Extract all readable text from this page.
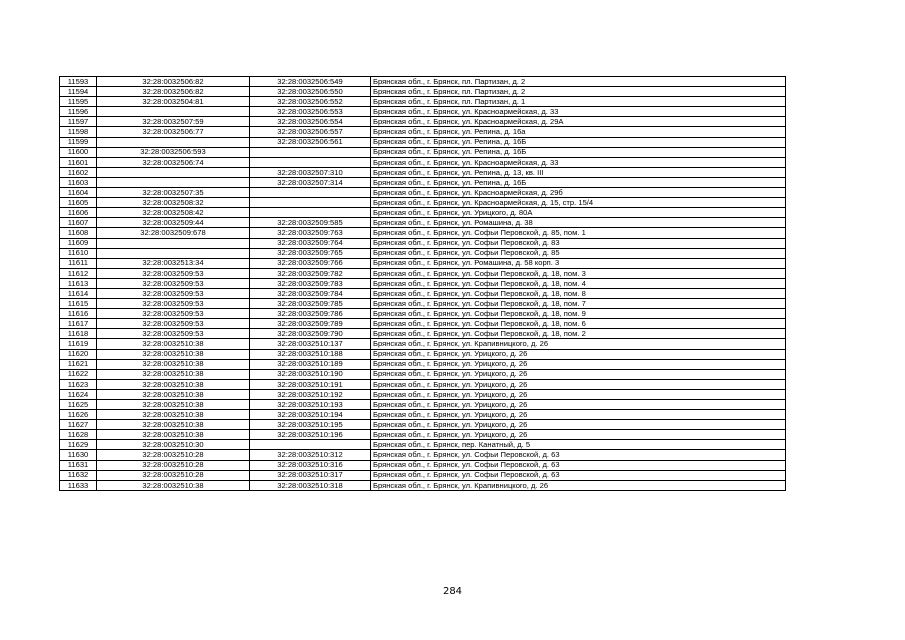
11593	32:28:0032506:82	32:28:0032506:549	Брянская обл., г. Брянск, пл. Партизан, д. 2
11594	32:28:0032506:82	32:28:0032506:550	Брянская обл., г. Брянск, пл. Партизан, д. 2
11595	32:28:0032504:81	32:28:0032506:552	Брянская обл., г. Брянск, пл. Партизан, д. 1
11596		32:28:0032506:553	Брянская обл., г. Брянск, ул. Красноармейская, д. 33
11597	32:28:0032507:59	32:28:0032506:554	Брянская обл., г. Брянск, ул. Красноармейская, д. 29А
11598	32:28:0032506:77	32:28:0032506:557	Брянская обл., г. Брянск, ул. Репина, д. 16а
11599		32:28:0032506:561	Брянская обл., г. Брянск, ул. Репина, д. 16Б
11600	32:28:0032506:593		Брянская обл., г. Брянск, ул. Репина, д. 16Б
11601	32:28:0032506:74		Брянская обл., г. Брянск, ул. Красноармейская, д. 33
11602		32:28:0032507:310	Брянская обл., г. Брянск, ул. Репина, д. 13, кв. III
11603		32:28:0032507:314	Брянская обл., г. Брянск, ул. Репина, д. 16Б
11604	32:28:0032507:35		Брянская обл., г. Брянск, ул. Красноармейская, д. 29б
11605	32:28:0032508:32		Брянская обл., г. Брянск, ул. Красноармейская, д. 15, стр. 15/4
11606	32:28:0032508:42		Брянская обл., г. Брянск, ул. Урицкого, д. 80А
11607	32:28:0032509:44	32:28:0032509:585	Брянская обл., г. Брянск, ул. Ромашина, д. 38
11608	32:28:0032509:678	32:28:0032509:763	Брянская обл., г. Брянск, ул. Софьи Перовской, д. 85, пом. 1
11609		32:28:0032509:764	Брянская обл., г. Брянск, ул. Софьи Перовской, д. 83
11610		32:28:0032509:765	Брянская обл., г. Брянск, ул. Софьи Перовской, д. 85
11611	32:28:0032513:34	32:28:0032509:766	Брянская обл., г. Брянск, ул. Ромашина, д. 58 корп. 3
11612	32:28:0032509:53	32:28:0032509:782	Брянская обл., г. Брянск, ул. Софьи Перовской, д. 18, пом. 3
11613	32:28:0032509:53	32:28:0032509:783	Брянская обл., г. Брянск, ул. Софьи Перовской, д. 18, пом. 4
11614	32:28:0032509:53	32:28:0032509:784	Брянская обл., г. Брянск, ул. Софьи Перовской, д. 18, пом. 8
11615	32:28:0032509:53	32:28:0032509:785	Брянская обл., г. Брянск, ул. Софьи Перовской, д. 18, пом. 7
11616	32:28:0032509:53	32:28:0032509:786	Брянская обл., г. Брянск, ул. Софьи Перовской, д. 18, пом. 9
11617	32:28:0032509:53	32:28:0032509:789	Брянская обл., г. Брянск, ул. Софьи Перовской, д. 18, пом. 6
11618	32:28:0032509:53	32:28:0032509:790	Брянская обл., г. Брянск, ул. Софьи Перовской, д. 18, пом. 2
11619	32:28:0032510:38	32:28:0032510:137	Брянская обл., г. Брянск, ул. Крапивницкого, д. 26
11620	32:28:0032510:38	32:28:0032510:188	Брянская обл., г. Брянск, ул. Урицкого, д. 26
11621	32:28:0032510:38	32:28:0032510:189	Брянская обл., г. Брянск, ул. Урицкого, д. 26
11622	32:28:0032510:38	32:28:0032510:190	Брянская обл., г. Брянск, ул. Урицкого, д. 26
11623	32:28:0032510:38	32:28:0032510:191	Брянская обл., г. Брянск, ул. Урицкого, д. 26
11624	32:28:0032510:38	32:28:0032510:192	Брянская обл., г. Брянск, ул. Урицкого, д. 26
11625	32:28:0032510:38	32:28:0032510:193	Брянская обл., г. Брянск, ул. Урицкого, д. 26
11626	32:28:0032510:38	32:28:0032510:194	Брянская обл., г. Брянск, ул. Урицкого, д. 26
11627	32:28:0032510:38	32:28:0032510:195	Брянская обл., г. Брянск, ул. Урицкого, д. 26
11628	32:28:0032510:38	32:28:0032510:196	Брянская обл., г. Брянск, ул. Урицкого, д. 26
11629	32:28:0032510:30		Брянская обл., г. Брянск, пер. Канатный, д. 5
11630	32:28:0032510:28	32:28:0032510:312	Брянская обл., г. Брянск, ул. Софьи Перовской, д. 63
11631	32:28:0032510:28	32:28:0032510:316	Брянская обл., г. Брянск, ул. Софьи Перовской, д. 63
11632	32:28:0032510:28	32:28:0032510:317	Брянская обл., г. Брянск, ул. Софьи Перовской, д. 63
11633	32:28:0032510:38	32:28:0032510:318	Брянская обл., г. Брянск, ул. Крапивницкого, д. 26
284
